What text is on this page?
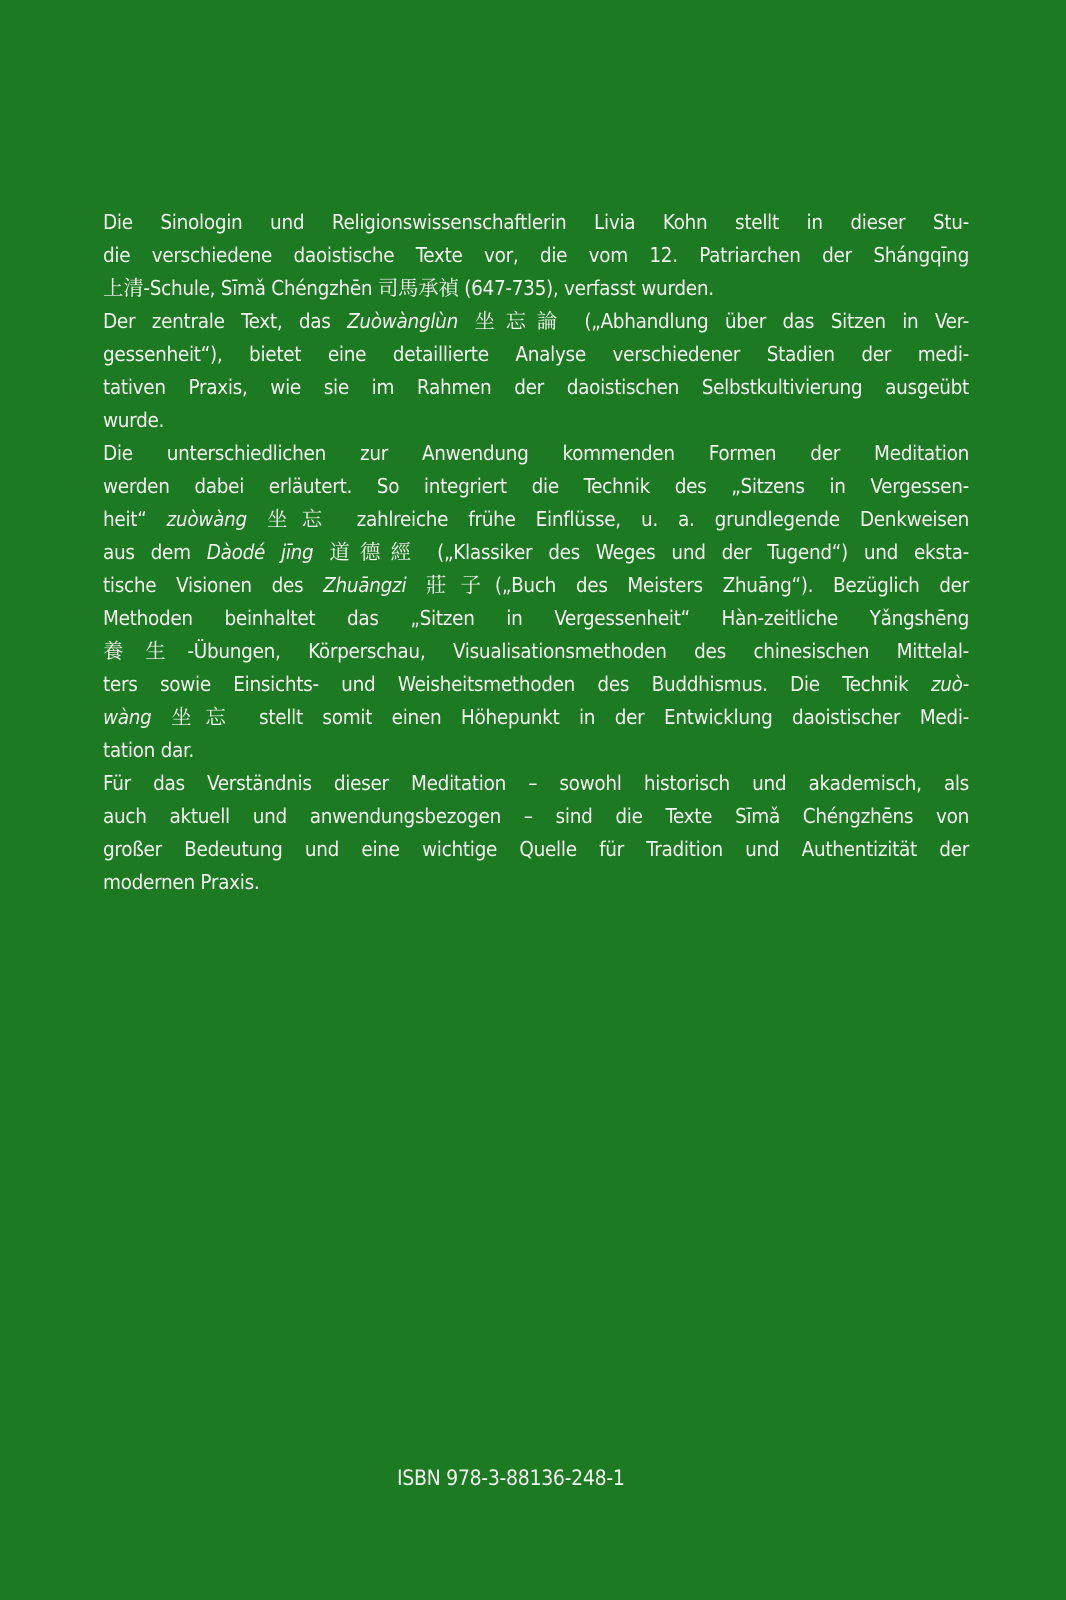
Die Sinologin und Religionswissenschaftlerin Livia Kohn stellt in dieser Stu-
die verschiedene daoistische Texte vor, die vom 12. Patriarchen der Shángqīng
上清-Schule, Sīmǎ Chéngzhēn 司馬承禎 (647-735), verfasst wurden.
Der zentrale Text, das Zuòwànglùn 坐忘論 („Abhandlung über das Sitzen in Ver-
gessenheit“), bietet eine detaillierte Analyse verschiedener Stadien der medi-
tativen Praxis, wie sie im Rahmen der daoistischen Selbstkultivierung ausgeübt
wurde.
Die unterschiedlichen zur Anwendung kommenden Formen der Meditation
werden dabei erläutert. So integriert die Technik des „Sitzens in Vergessen-
heit“ zuòwàng 坐忘 zahlreiche frühe Einflüsse, u. a. grundlegende Denkweisen
aus dem Dàodé jīng 道德經 („Klassiker des Weges und der Tugend“) und ekstа-
tische Visionen des Zhuāngzi 莊子(„Buch des Meisters Zhuāng“). Bezüglich der
Methoden beinhaltet das „Sitzen in Vergessenheit“ Hàn-zeitliche Yǎngshēng
養生-Übungen, Körperschau, Visualisationsmethoden des chinesischen Mittelal-
ters sowie Einsichts- und Weisheitsmethoden des Buddhismus. Die Technik zuò-
wàng 坐忘 stellt somit einen Höhepunkt in der Entwicklung daoistischer Medi-
tation dar.
Für das Verständnis dieser Meditation – sowohl historisch und akademisch, als
auch aktuell und anwendungsbezogen – sind die Texte Sīmǎ Chéngzhēns von
großer Bedeutung und eine wichtige Quelle für Tradition und Authentizität der
modernen Praxis.
ISBN 978-3-88136-248-1
